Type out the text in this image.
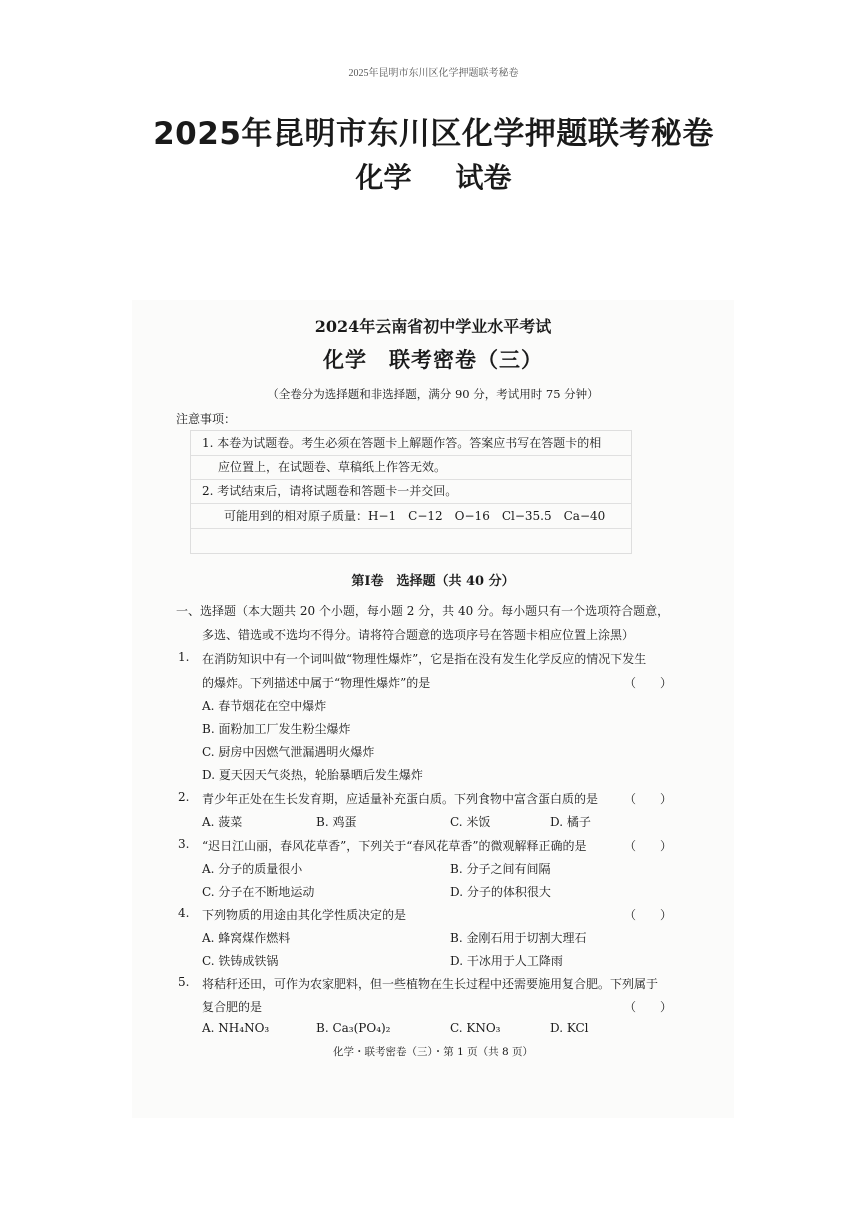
2025年昆明市东川区化学押题联考秘卷
2025年昆明市东川区化学押题联考秘卷
化学 试卷
2024年云南省初中学业水平考试
化学　联考密卷（三）
（全卷分为选择题和非选择题，满分 90 分，考试用时 75 分钟）
注意事项：
1. 本卷为试题卷。考生必须在答题卡上解题作答。答案应书写在答题卡的相
应位置上，在试题卷、草稿纸上作答无效。
2. 考试结束后，请将试题卷和答题卡一并交回。
可能用到的相对原子质量：H−1　C−12　O−16　Cl−35.5　Ca−40
第Ⅰ卷　选择题（共 40 分）
一、选择题（本大题共 20 个小题，每小题 2 分，共 40 分。每小题只有一个选项符合题意，
多选、错选或不选均不得分。请将符合题意的选项序号在答题卡相应位置上涂黑）
1. 在消防知识中有一个词叫做“物理性爆炸”，它是指在没有发生化学反应的情况下发生
的爆炸。下列描述中属于“物理性爆炸”的是	（　　）
A. 春节烟花在空中爆炸
B. 面粉加工厂发生粉尘爆炸
C. 厨房中因燃气泄漏遇明火爆炸
D. 夏天因天气炎热，轮胎暴晒后发生爆炸
2. 青少年正处在生长发育期，应适量补充蛋白质。下列食物中富含蛋白质的是 （　　）
A. 菠菜	B. 鸡蛋	C. 米饭	D. 橘子
3. “迟日江山丽，春风花草香”，下列关于“春风花草香”的微观解释正确的是	（　　）
A. 分子的质量很小	B. 分子之间有间隔
C. 分子在不断地运动	D. 分子的体积很大
4. 下列物质的用途由其化学性质决定的是	（　　）
A. 蜂窝煤作燃料	B. 金刚石用于切割大理石
C. 铁铸成铁锅	D. 干冰用于人工降雨
5. 将秸秆还田，可作为农家肥料，但一些植物在生长过程中还需要施用复合肥。下列属于
复合肥的是	（　　）
A. NH₄NO₃	B. Ca₃(PO₄)₂	C. KNO₃	D. KCl
化学・联考密卷（三）・第 1 页（共 8 页）
